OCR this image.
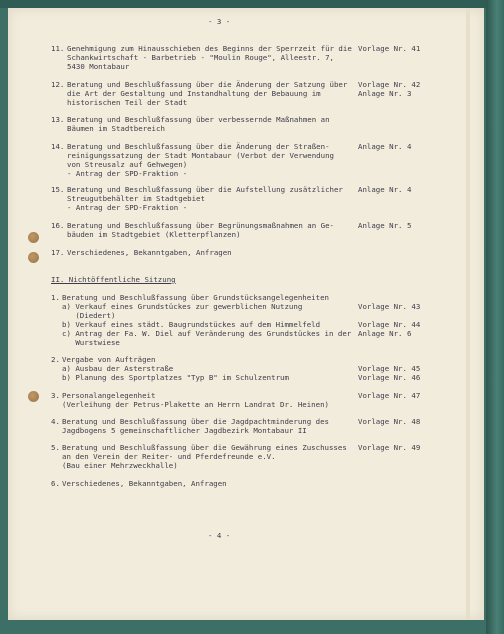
- 3 -
11. Genehmigung zum Hinausschieben des Beginns der Sperrzeit für die
Schankwirtschaft - Barbetrieb - "Moulin Rouge", Alleestr. 7,
5430 Montabaur
Vorlage Nr. 41
12. Beratung und Beschlußfassung über die Änderung der Satzung über
die Art der Gestaltung und Instandhaltung der Bebauung im
historischen Teil der Stadt
Vorlage Nr. 42
Anlage Nr. 3
13. Beratung und Beschlußfassung über verbessernde Maßnahmen an
Bäumen im Stadtbereich
14. Beratung und Beschlußfassung über die Änderung der Straßen-
reinigungssatzung der Stadt Montabaur (Verbot der Verwendung
von Streusalz auf Gehwegen)
- Antrag der SPD-Fraktion -
Anlage Nr. 4
15. Beratung und Beschlußfassung über die Aufstellung zusätzlicher
Streugutbehälter im Stadtgebiet
- Antrag der SPD-Fraktion -
Anlage Nr. 4
16. Beratung und Beschlußfassung über Begrünungsmaßnahmen an Ge-
bäuden im Stadtgebiet (Kletterpflanzen)
Anlage Nr. 5
17. Verschiedenes, Bekanntgaben, Anfragen
II. Nichtöffentliche Sitzung
1. Beratung und Beschlußfassung über Grundstücksangelegenheiten
a) Verkauf eines Grundstückes zur gewerblichen Nutzung
(Diedert)
b) Verkauf eines städt. Baugrundstückes auf dem Himmelfeld
c) Antrag der Fa. W. Diel auf Veränderung des Grundstückes in der
Wurstwiese
Vorlage Nr. 43
Vorlage Nr. 44
Anlage Nr. 6
2. Vergabe von Aufträgen
a) Ausbau der Asterstraße
b) Planung des Sportplatzes "Typ B" im Schulzentrum
Vorlage Nr. 45
Vorlage Nr. 46
3. Personalangelegenheit
(Verleihung der Petrus-Plakette an Herrn Landrat Dr. Heinen)
Vorlage Nr. 47
4. Beratung und Beschlußfassung über die Jagdpachtminderung des
Jagdbogens 5 gemeinschaftlicher Jagdbezirk Montabaur II
Vorlage Nr. 48
5. Beratung und Beschlußfassung über die Gewährung eines Zuschusses
an den Verein der Reiter- und Pferdefreunde e.V.
(Bau einer Mehrzweckhalle)
Vorlage Nr. 49
6. Verschiedenes, Bekanntgaben, Anfragen
- 4 -
